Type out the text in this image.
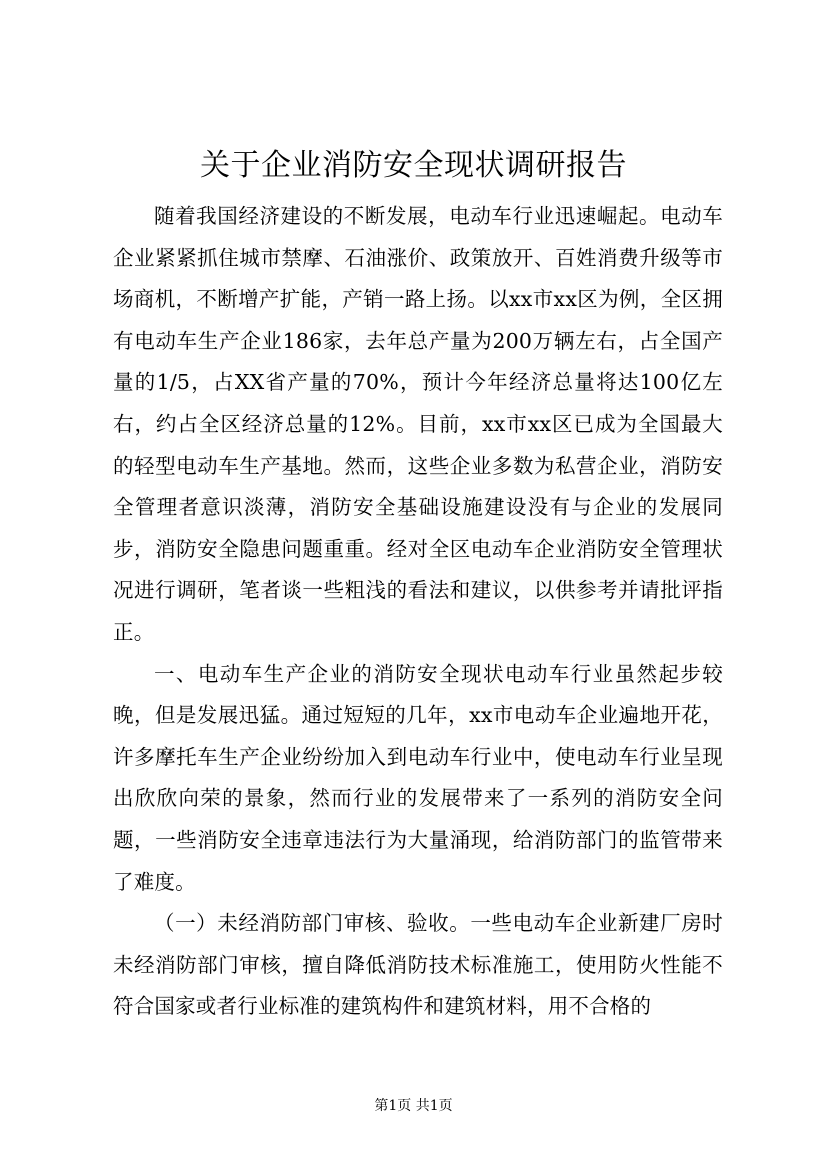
关于企业消防安全现状调研报告

随着我国经济建设的不断发展，电动车行业迅速崛起。电动车企业紧紧抓住城市禁摩、石油涨价、政策放开、百姓消费升级等市场商机，不断增产扩能，产销一路上扬。以xx市xx区为例，全区拥有电动车生产企业186家，去年总产量为200万辆左右，占全国产量的1/5，占XX省产量的70%，预计今年经济总量将达100亿左右，约占全区经济总量的12%。目前，xx市xx区已成为全国最大的轻型电动车生产基地。然而，这些企业多数为私营企业，消防安全管理者意识淡薄，消防安全基础设施建设没有与企业的发展同步，消防安全隐患问题重重。经对全区电动车企业消防安全管理状况进行调研，笔者谈一些粗浅的看法和建议，以供参考并请批评指正。

一、电动车生产企业的消防安全现状电动车行业虽然起步较晚，但是发展迅猛。通过短短的几年，xx市电动车企业遍地开花，许多摩托车生产企业纷纷加入到电动车行业中，使电动车行业呈现出欣欣向荣的景象，然而行业的发展带来了一系列的消防安全问题，一些消防安全违章违法行为大量涌现，给消防部门的监管带来了难度。

（一）未经消防部门审核、验收。一些电动车企业新建厂房时未经消防部门审核，擅自降低消防技术标准施工，使用防火性能不符合国家或者行业标准的建筑构件和建筑材料，用不合格的

第1页 共1页
